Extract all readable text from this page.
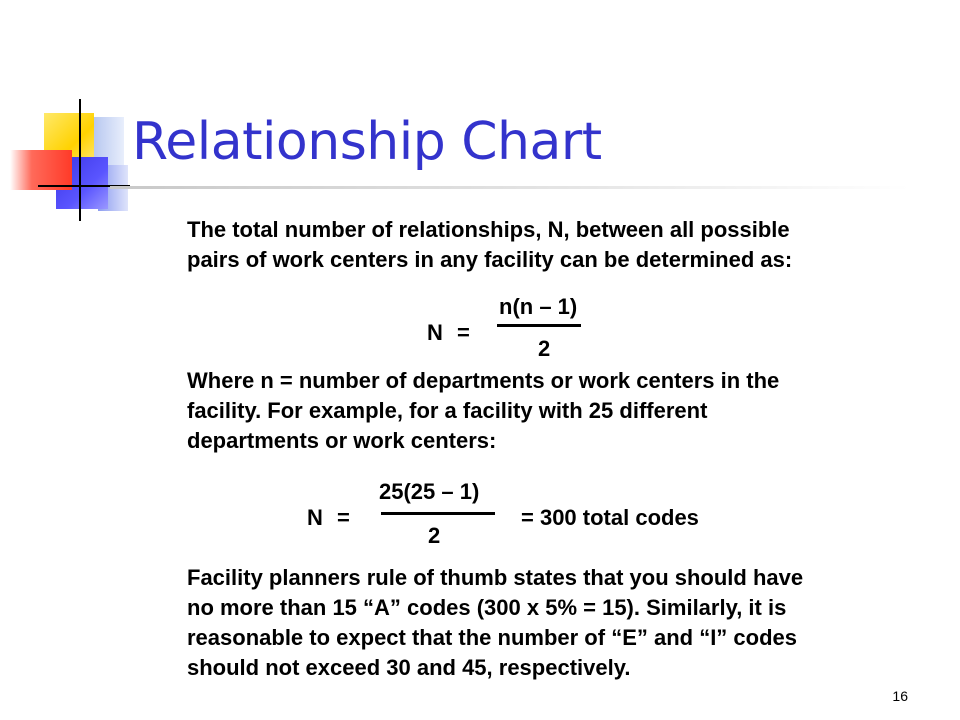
Relationship Chart

The total number of relationships, N, between all possible

pairs of work centers in any facility can be determined as:

N =
n(n – 1)
2

Where n = number of departments or work centers in the

facility. For example, for a facility with 25 different

departments or work centers:

N =
25(25 – 1)
2
= 300 total codes

Facility planners rule of thumb states that you should have

no more than 15 “A” codes (300 x 5% = 15). Similarly, it is

reasonable to expect that the number of “E” and “I” codes

should not exceed 30 and 45, respectively.

16
